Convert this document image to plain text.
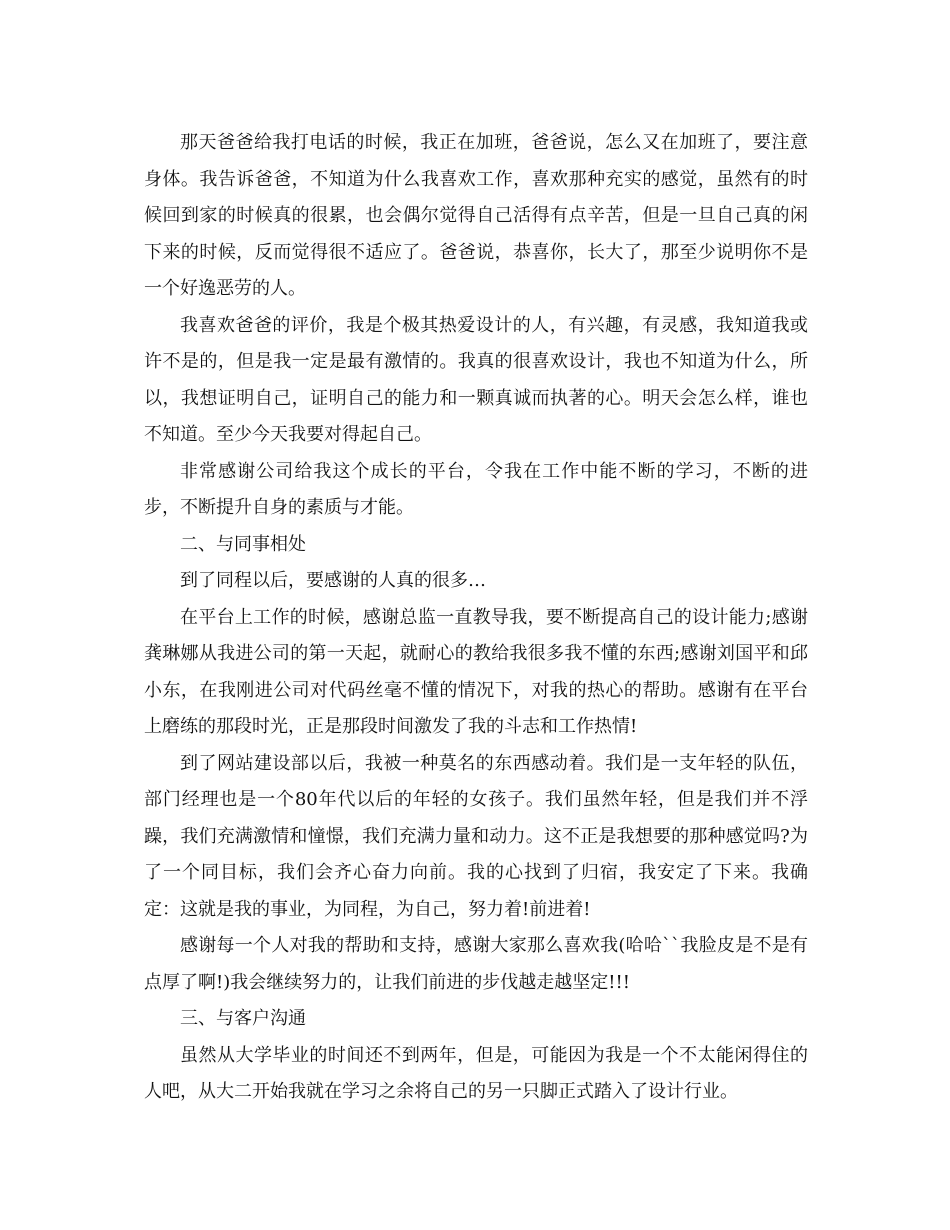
那天爸爸给我打电话的时候，我正在加班，爸爸说，怎么又在加班了，要注意身体。我告诉爸爸，不知道为什么我喜欢工作，喜欢那种充实的感觉，虽然有的时候回到家的时候真的很累，也会偶尔觉得自己活得有点辛苦，但是一旦自己真的闲下来的时候，反而觉得很不适应了。爸爸说，恭喜你，长大了，那至少说明你不是一个好逸恶劳的人。

我喜欢爸爸的评价，我是个极其热爱设计的人，有兴趣，有灵感，我知道我或许不是的，但是我一定是最有激情的。我真的很喜欢设计，我也不知道为什么，所以，我想证明自己，证明自己的能力和一颗真诚而执著的心。明天会怎么样，谁也不知道。至少今天我要对得起自己。

非常感谢公司给我这个成长的平台，令我在工作中能不断的学习，不断的进步，不断提升自身的素质与才能。

二、与同事相处

到了同程以后，要感谢的人真的很多…

在平台上工作的时候，感谢总监一直教导我，要不断提高自己的设计能力;感谢龚琳娜从我进公司的第一天起，就耐心的教给我很多我不懂的东西;感谢刘国平和邱小东，在我刚进公司对代码丝毫不懂的情况下，对我的热心的帮助。感谢有在平台上磨练的那段时光，正是那段时间激发了我的斗志和工作热情!

到了网站建设部以后，我被一种莫名的东西感动着。我们是一支年轻的队伍，部门经理也是一个80年代以后的年轻的女孩子。我们虽然年轻，但是我们并不浮躁，我们充满激情和憧憬，我们充满力量和动力。这不正是我想要的那种感觉吗?为了一个同目标，我们会齐心奋力向前。我的心找到了归宿，我安定了下来。我确定：这就是我的事业，为同程，为自己，努力着!前进着!

感谢每一个人对我的帮助和支持，感谢大家那么喜欢我(哈哈``我脸皮是不是有点厚了啊!)我会继续努力的，让我们前进的步伐越走越坚定!!!

三、与客户沟通

虽然从大学毕业的时间还不到两年，但是，可能因为我是一个不太能闲得住的人吧，从大二开始我就在学习之余将自己的另一只脚正式踏入了设计行业。
